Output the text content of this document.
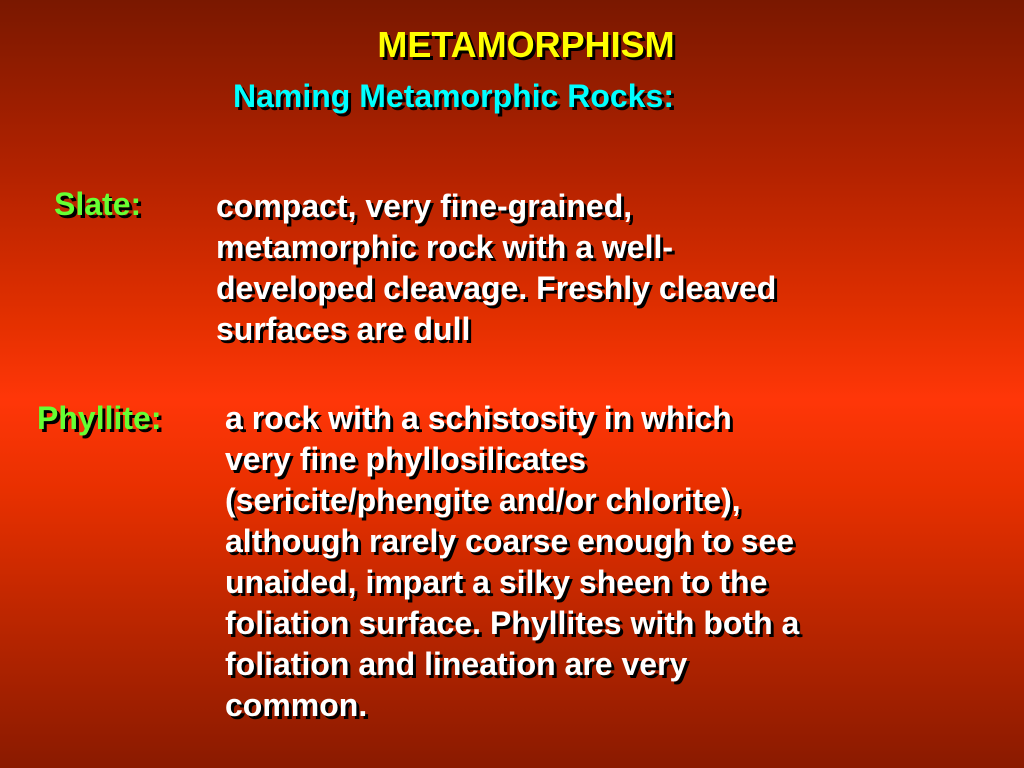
METAMORPHISM
Naming Metamorphic Rocks:
Slate: compact, very fine-grained,
metamorphic rock with a well-
developed cleavage. Freshly cleaved
surfaces are dull
Phyllite: a rock with a schistosity in which
very fine phyllosilicates
(sericite/phengite and/or chlorite),
although rarely coarse enough to see
unaided, impart a silky sheen to the
foliation surface. Phyllites with both a
foliation and lineation are very
common.
